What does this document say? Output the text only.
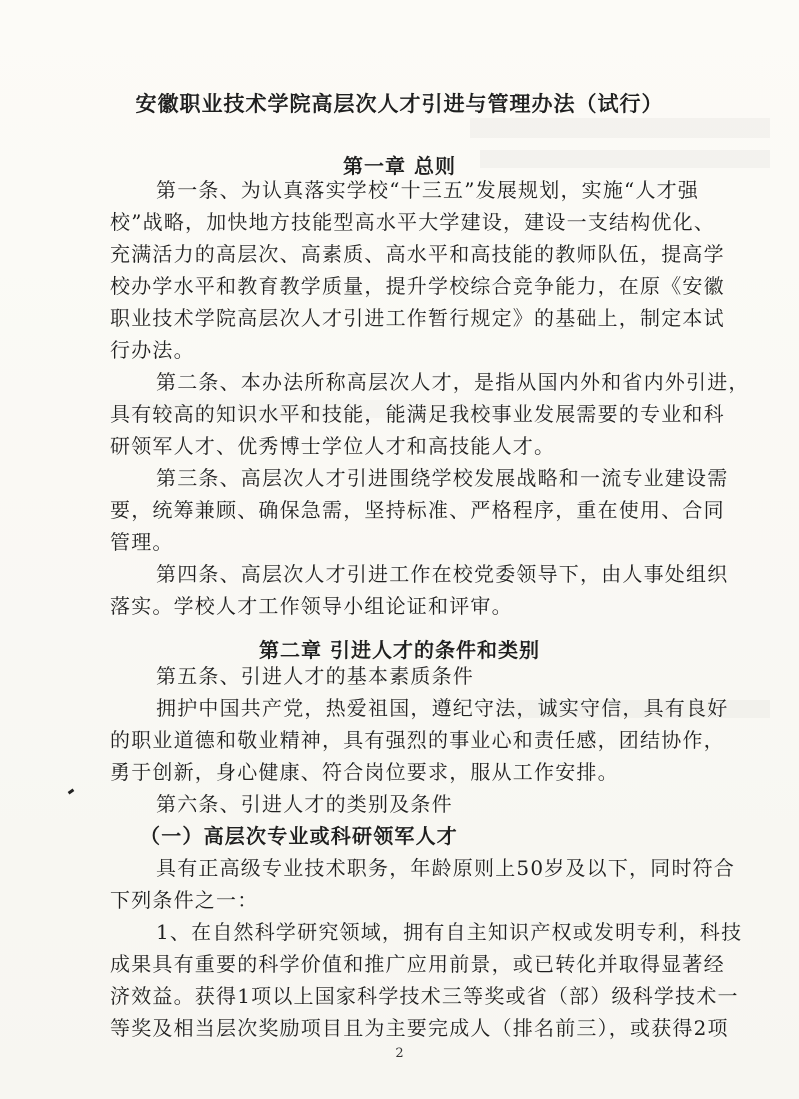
安徽职业技术学院高层次人才引进与管理办法（试行）
第一章 总则
第一条、为认真落实学校“十三五”发展规划，实施“人才强
校”战略，加快地方技能型高水平大学建设，建设一支结构优化、
充满活力的高层次、高素质、高水平和高技能的教师队伍，提高学
校办学水平和教育教学质量，提升学校综合竞争能力，在原《安徽
职业技术学院高层次人才引进工作暂行规定》的基础上，制定本试
行办法。
第二条、本办法所称高层次人才，是指从国内外和省内外引进，
具有较高的知识水平和技能，能满足我校事业发展需要的专业和科
研领军人才、优秀博士学位人才和高技能人才。
第三条、高层次人才引进围绕学校发展战略和一流专业建设需
要，统筹兼顾、确保急需，坚持标准、严格程序，重在使用、合同
管理。
第四条、高层次人才引进工作在校党委领导下，由人事处组织
落实。学校人才工作领导小组论证和评审。
第二章 引进人才的条件和类别
第五条、引进人才的基本素质条件
拥护中国共产党，热爱祖国，遵纪守法，诚实守信，具有良好
的职业道德和敬业精神，具有强烈的事业心和责任感，团结协作，
勇于创新，身心健康、符合岗位要求，服从工作安排。
第六条、引进人才的类别及条件
（一）高层次专业或科研领军人才
具有正高级专业技术职务，年龄原则上50岁及以下，同时符合
下列条件之一：
1、在自然科学研究领域，拥有自主知识产权或发明专利，科技
成果具有重要的科学价值和推广应用前景，或已转化并取得显著经
济效益。获得1项以上国家科学技术三等奖或省（部）级科学技术一
等奖及相当层次奖励项目且为主要完成人（排名前三），或获得2项
2
